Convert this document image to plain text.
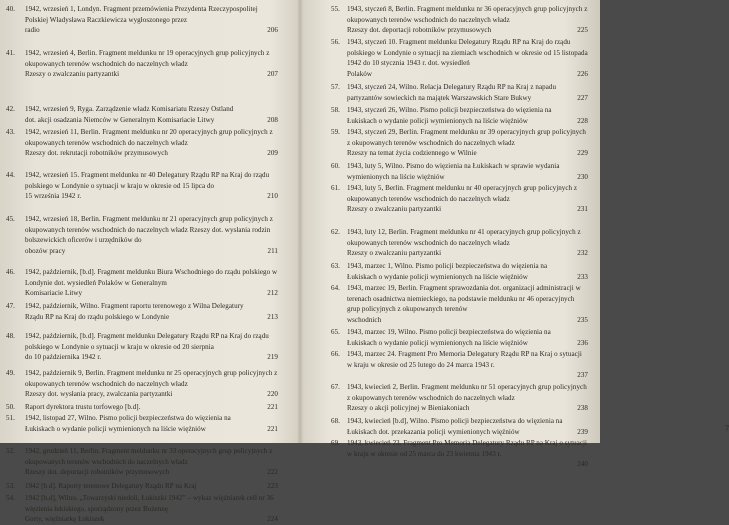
40. 1942, wrzesień 1, Londyn. Fragment przemówienia Prezydenta Rzeczypospolitej Polskiej Władysława Raczkiewicza wygłoszonego przez
radio	206
41. 1942, wrzesień 4, Berlin. Fragment meldunku nr 19 operacyjnych grup policyjnych z okupowanych terenów wschodnich do naczelnych władz
Rzeszy o zwalczaniu partyzantki	207
42. 1942, wrzesień 9, Ryga. Zarządzenie władz Komisariatu Rzeszy Ostland
dot. akcji osadzania Niemców w Generalnym Komisariacie Litwy	208
43. 1942, wrzesień 11, Berlin. Fragment meldunku nr 20 operacyjnych grup policyjnych z okupowanych terenów wschodnich do naczelnych władz
Rzeszy dot. rekrutacji robotników przymusowych	209
44. 1942, wrzesień 15. Fragment meldunku nr 40 Delegatury Rządu RP na Kraj do rządu polskiego w Londynie o sytuacji w kraju w okresie od 15 lipca do
15 września 1942 r.	210
45. 1942, wrzesień 18, Berlin. Fragment meldunku nr 21 operacyjnych grup policyjnych z okupowanych terenów wschodnich do naczelnych władz Rzeszy dot. wysłania rodzin bolszewickich oficerów i urzędników do
obozów pracy	211
46. 1942, październik, [b.d]. Fragment meldunku Biura Wschodniego do rządu polskiego w Londynie dot. wysiedleń Polaków w Generalnym
Komisariacie Litwy	212
47. 1942, październik, Wilno. Fragment raportu terenowego z Wilna Delegatury
Rządu RP na Kraj do rządu polskiego w Londynie	213
48. 1942, październik, [b.d]. Fragment meldunku Delegatury Rządu RP na Kraj do rządu polskiego w Londynie o sytuacji w kraju w okresie od 20 sierpnia
do 10 października 1942 r.	219
49. 1942, październik 9, Berlin. Fragment meldunku nr 25 operacyjnych grup policyjnych z okupowanych terenów wschodnich do naczelnych władz
Rzeszy dot. wysłania pracy, zwalczania partyzantki	220
50. Raport dyrektora trustu torfowego [b.d].	221
51. 1942, listopad 27, Wilno. Pismo policji bezpieczeństwa do więzienia na
Łukiskach o wydanie policji wymienionych na liście więźniów	221
52. 1942, grudzień 11, Berlin. Fragment meldunku nr 33 operacyjnych grup policyjnych z okupowanych terenów wschodnich do naczelnych władz
Rzeszy dot. deportacji robotników przymusowych	222
53. 1942 [b.d]. Raporty terenowe Delegatury Rządu RP na Kraj	223
54. 1942 [b.d], Wilno. „Towarzyski niedoli, Łukiszki 1942” – wykaz więźniarek cell nr 36 więzienia łukiskiego, sporządzony przez Bożennę
Gorty, więźniarkę Łukiszek	224
7
55. 1943, styczeń 8, Berlin. Fragment meldunku nr 36 operacyjnych grup policyjnych z okupowanych terenów wschodnich do naczelnych władz
Rzeszy dot. deportacji robotników przymusowych	225
56. 1943, styczeń 10. Fragment meldunku Delegatury Rządu RP na Kraj do rządu polskiego w Londynie o sytuacji na ziemiach wschodnich w okresie od 15 listopada 1942 do 10 stycznia 1943 r. dot. wysiedleń
Polaków	226
57. 1943, styczeń 24, Wilno. Relacja Delegatury Rządu RP na Kraj z napadu
partyzantów sowieckich na majątek Warszawskich Stare Bukwy	227
58. 1943, styczeń 26, Wilno. Pismo policji bezpieczeństwa do więzienia na
Łukiskach o wydanie policji wymienionych na liście więźniów	228
59. 1943, styczeń 29, Berlin. Fragment meldunku nr 39 operacyjnych grup policyjnych z okupowanych terenów wschodnich do naczelnych władz
Rzeszy na temat życia codziennego w Wilnie	229
60. 1943, luty 5, Wilno. Pismo do więzienia na Łukiskach w sprawie wydania
wymienionych na liście więźniów	230
61. 1943, luty 5, Berlin. Fragment meldunku nr 40 operacyjnych grup policyjnych z okupowanych terenów wschodnich do naczelnych władz
Rzeszy o zwalczaniu partyzantki	231
62. 1943, luty 12, Berlin. Fragment meldunku nr 41 operacyjnych grup policyjnych z okupowanych terenów wschodnich do naczelnych władz
Rzeszy o zwalczaniu partyzantki	232
63. 1943, marzec 1, Wilno. Pismo policji bezpieczeństwa do więzienia na
Łukiskach o wydanie policji wymienionych na liście więźniów	233
64. 1943, marzec 19, Berlin. Fragment sprawozdania dot. organizacji administracji w terenach osadnictwa niemieckiego, na podstawie meldunku nr 46 operacyjnych grup policyjnych z okupowanych terenów
wschodnich	235
65. 1943, marzec 19, Wilno. Pismo policji bezpieczeństwa do więzienia na
Łukiskach o wydanie policji wymienionych na liście więźniów	236
66. 1943, marzec 24. Fragment Pro Memoria Delegatury Rządu RP na Kraj o sytuacji w kraju w okresie od 25 lutego do 24 marca 1943 r.
237
67. 1943, kwiecień 2, Berlin. Fragment meldunku nr 51 operacyjnych grup policyjnych z okupowanych terenów wschodnich do naczelnych władz
Rzeszy o akcji policyjnej w Bieniakoniach	238
68. 1943, kwiecień [b.d], Wilno. Pismo policji bezpieczeństwa do więzienia na
Łukiskach dot. przekazania policji wymienionych więźniów	239
69. 1943, kwiecień 23. Fragment Pro Memoria Delegatury Rządu RP na Kraj o sytuacji w kraju w okresie od 25 marca do 23 kwietnia 1943 r.
240
